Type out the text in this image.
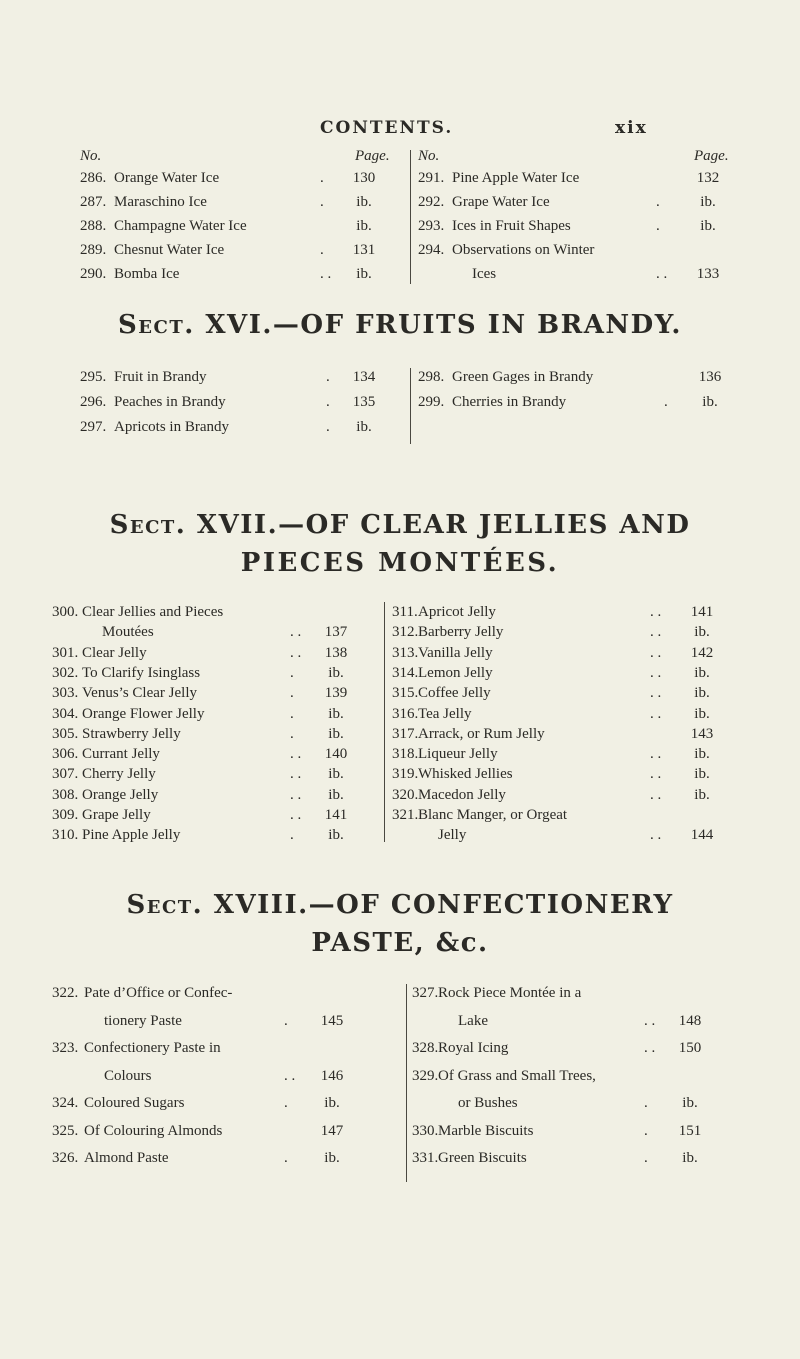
CONTENTS.	xix
No.	Page.
286. Orange Water Ice	.	130
287. Maraschino Ice	.	ib.
288. Champagne Water Ice	ib.
289. Chesnut Water Ice	.	131
290. Bomba Ice	. .	ib.
No.	Page.
291. Pine Apple Water Ice	132
292. Grape Water Ice	.	ib.
293. Ices in Fruit Shapes	.	ib.
294. Observations on Winter
Ices	. .	133
Sect. XVI.—OF FRUITS IN BRANDY.
295. Fruit in Brandy	.	134
296. Peaches in Brandy	.	135
297. Apricots in Brandy	.	ib.
298. Green Gages in Brandy	136
299. Cherries in Brandy	.	ib.
Sect. XVII.—OF CLEAR JELLIES AND
PIECES MONTÉES.
300. Clear Jellies and Pieces
Moutées	. .	137
301. Clear Jelly	. .	138
302. To Clarify Isinglass	.	ib.
303. Venus’s Clear Jelly	.	139
304. Orange Flower Jelly	.	ib.
305. Strawberry Jelly	.	ib.
306. Currant Jelly	. .	140
307. Cherry Jelly	. .	ib.
308. Orange Jelly	. .	ib.
309. Grape Jelly	. .	141
310. Pine Apple Jelly	.	ib.
311. Apricot Jelly	. .	141
312. Barberry Jelly	. .	ib.
313. Vanilla Jelly	. .	142
314. Lemon Jelly	. .	ib.
315. Coffee Jelly	. .	ib.
316. Tea Jelly	. .	ib.
317. Arrack, or Rum Jelly	143
318. Liqueur Jelly	. .	ib.
319. Whisked Jellies	. .	ib.
320. Macedon Jelly	. .	ib.
321. Blanc Manger, or Orgeat
Jelly	. .	144
Sect. XVIII.—OF CONFECTIONERY
PASTE, &c.
322. Pate d’Office or Confec-
tionery Paste	.	145
323. Confectionery Paste in
Colours	. .	146
324. Coloured Sugars	.	ib.
325. Of Colouring Almonds	147
326. Almond Paste	.	ib.
327. Rock Piece Montée in a
Lake	. .	148
328. Royal Icing	. .	150
329. Of Grass and Small Trees,
or Bushes	.	ib.
330. Marble Biscuits	.	151
331. Green Biscuits	.	ib.
